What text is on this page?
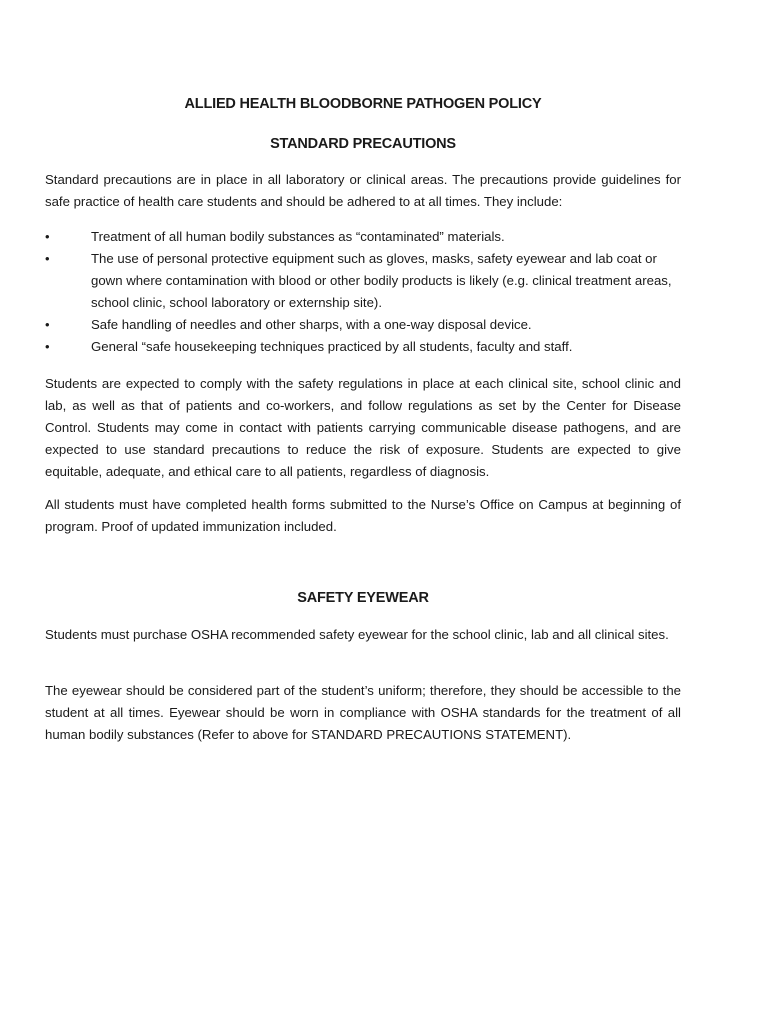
ALLIED HEALTH BLOODBORNE PATHOGEN POLICY
STANDARD PRECAUTIONS

Standard precautions are in place in all laboratory or clinical areas. The precautions provide guidelines for safe practice of health care students and should be adhered to at all times. They include:

•	Treatment of all human bodily substances as “contaminated” materials.
•	The use of personal protective equipment such as gloves, masks, safety eyewear and lab coat or gown where contamination with blood or other bodily products is likely (e.g. clinical treatment areas, school clinic, school laboratory or externship site).
•	Safe handling of needles and other sharps, with a one-way disposal device.
•	General “safe housekeeping techniques practiced by all students, faculty and staff.

Students are expected to comply with the safety regulations in place at each clinical site, school clinic and lab, as well as that of patients and co-workers, and follow regulations as set by the Center for Disease Control. Students may come in contact with patients carrying communicable disease pathogens, and are expected to use standard precautions to reduce the risk of exposure. Students are expected to give equitable, adequate, and ethical care to all patients, regardless of diagnosis.

All students must have completed health forms submitted to the Nurse’s Office on Campus at beginning of program. Proof of updated immunization included.

SAFETY EYEWEAR

Students must purchase OSHA recommended safety eyewear for the school clinic, lab and all clinical sites.

The eyewear should be considered part of the student’s uniform; therefore, they should be accessible to the student at all times. Eyewear should be worn in compliance with OSHA standards for the treatment of all human bodily substances (Refer to above for STANDARD PRECAUTIONS STATEMENT).
